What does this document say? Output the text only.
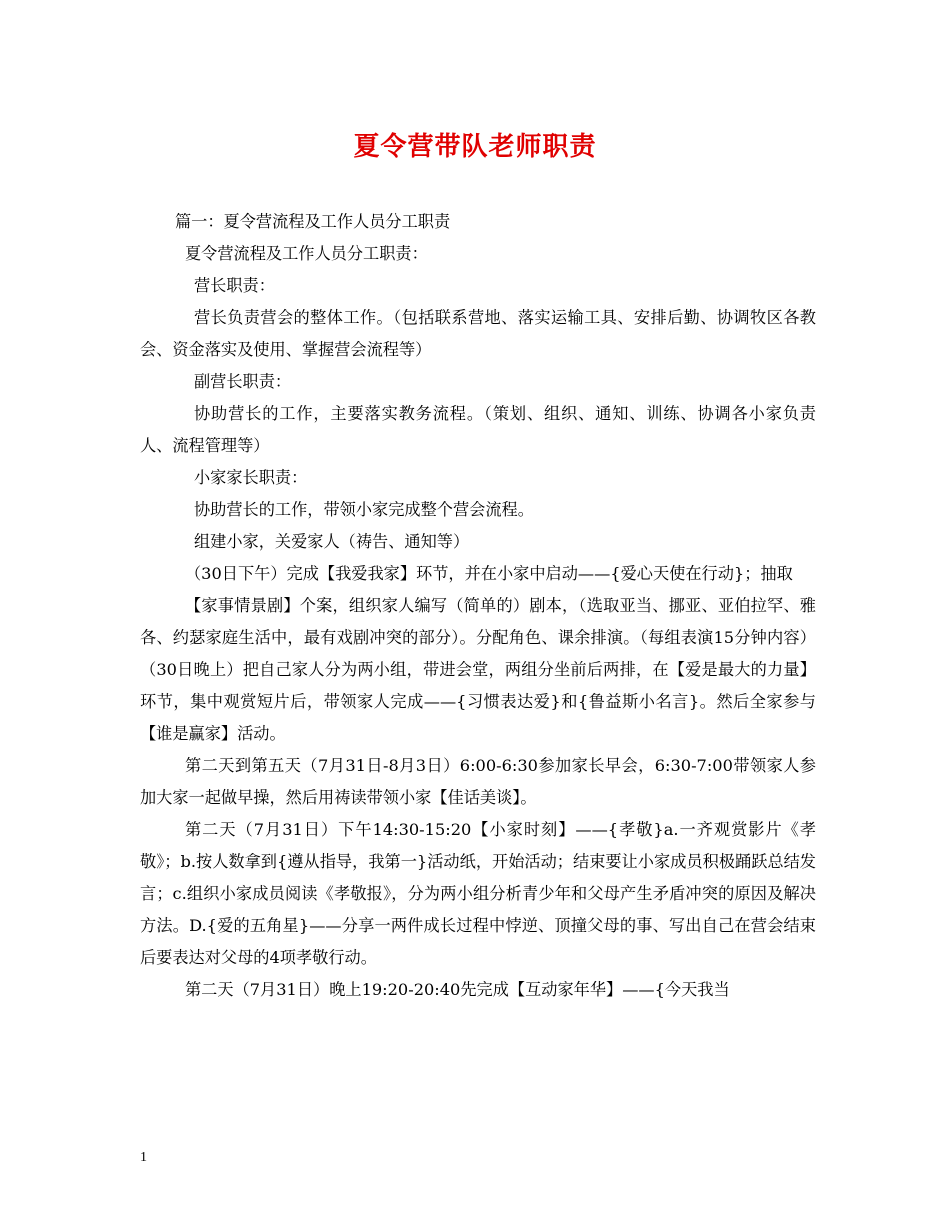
夏令营带队老师职责

篇一：夏令营流程及工作人员分工职责

夏令营流程及工作人员分工职责：

营长职责：

营长负责营会的整体工作。（包括联系营地、落实运输工具、安排后勤、协调牧区各教会、资金落实及使用、掌握营会流程等）

副营长职责：

协助营长的工作，主要落实教务流程。（策划、组织、通知、训练、协调各小家负责人、流程管理等）

小家家长职责：

协助营长的工作，带领小家完成整个营会流程。

组建小家，关爱家人（祷告、通知等）

（30日下午）完成【我爱我家】环节，并在小家中启动——{爱心天使在行动}；抽取

【家事情景剧】个案，组织家人编写（简单的）剧本，（选取亚当、挪亚、亚伯拉罕、雅各、约瑟家庭生活中，最有戏剧冲突的部分）。分配角色、课余排演。（每组表演15分钟内容）（30日晚上）把自己家人分为两小组，带进会堂，两组分坐前后两排，在【爱是最大的力量】环节，集中观赏短片后，带领家人完成——{习惯表达爱}和{鲁益斯小名言}。然后全家参与【谁是赢家】活动。

第二天到第五天（7月31日-8月3日）6:00-6:30参加家长早会，6:30-7:00带领家人参加大家一起做早操，然后用祷读带领小家【佳话美谈】。

第二天（7月31日）下午14:30-15:20【小家时刻】——{孝敬}a.一齐观赏影片《孝敬》；b.按人数拿到{遵从指导，我第一}活动纸，开始活动；结束要让小家成员积极踊跃总结发言；c.组织小家成员阅读《孝敬报》，分为两小组分析青少年和父母产生矛盾冲突的原因及解决方法。D.{爱的五角星}——分享一两件成长过程中悖逆、顶撞父母的事、写出自己在营会结束后要表达对父母的4项孝敬行动。

第二天（7月31日）晚上19:20-20:40先完成【互动家年华】——{今天我当

1
